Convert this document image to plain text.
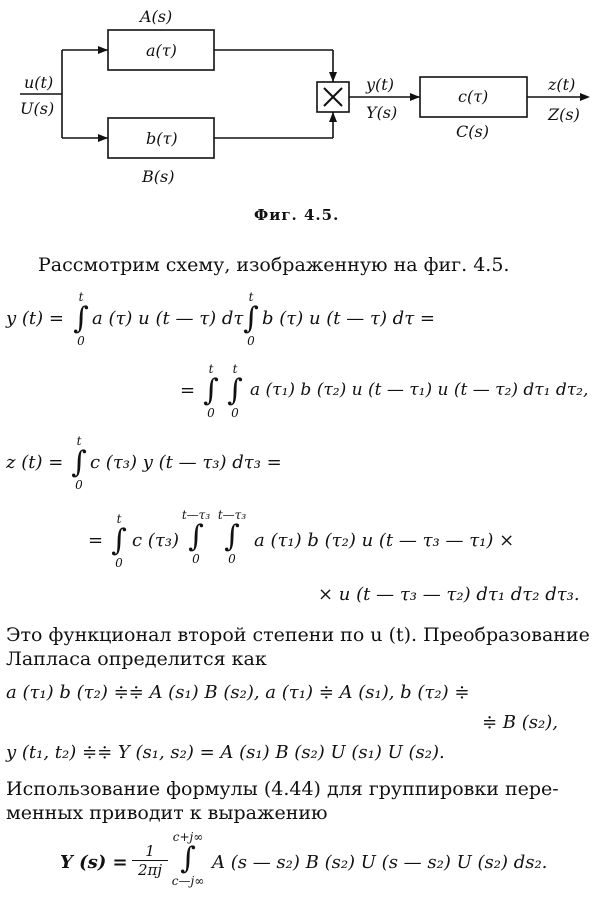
u(t)
U(s)
A(s)
a(τ)
b(τ)
B(s)
y(t)
Y(s)
c(τ)
C(s)
z(t)
Z(s)
Фиг. 4.5.
Рассмотрим схему, изображенную на фиг. 4.5.
y (t) =
t
∫
0
a (τ) u (t — τ) dτ
t
∫
0
b (τ) u (t — τ) dτ =
=
t
∫
0
t
∫
0
a (τ₁) b (τ₂) u (t — τ₁) u (t — τ₂) dτ₁ dτ₂,
z (t) =
t
∫
0
c (τ₃) y (t — τ₃) dτ₃ =
=
t
∫
0
c (τ₃)
t—τ₃
∫
0
t—τ₃
∫
0
a (τ₁) b (τ₂) u (t — τ₃ — τ₁) ×
× u (t — τ₃ — τ₂) dτ₁ dτ₂ dτ₃.
Это функционал второй степени по u (t). Преобразование
Лапласа определится как
a (τ₁) b (τ₂) ≑≑ A (s₁) B (s₂), a (τ₁) ≑ A (s₁), b (τ₂) ≑
≑ B (s₂),
y (t₁, t₂) ≑≑ Y (s₁, s₂) = A (s₁) B (s₂) U (s₁) U (s₂).
Использование формулы (4.44) для группировки пере-
менных приводит к выражению
Y $(s) = \frac{1}{2\pi j}$
c+j∞
∫
c—j∞
A (s — s₂) B (s₂) U (s — s₂) U (s₂) ds₂.
